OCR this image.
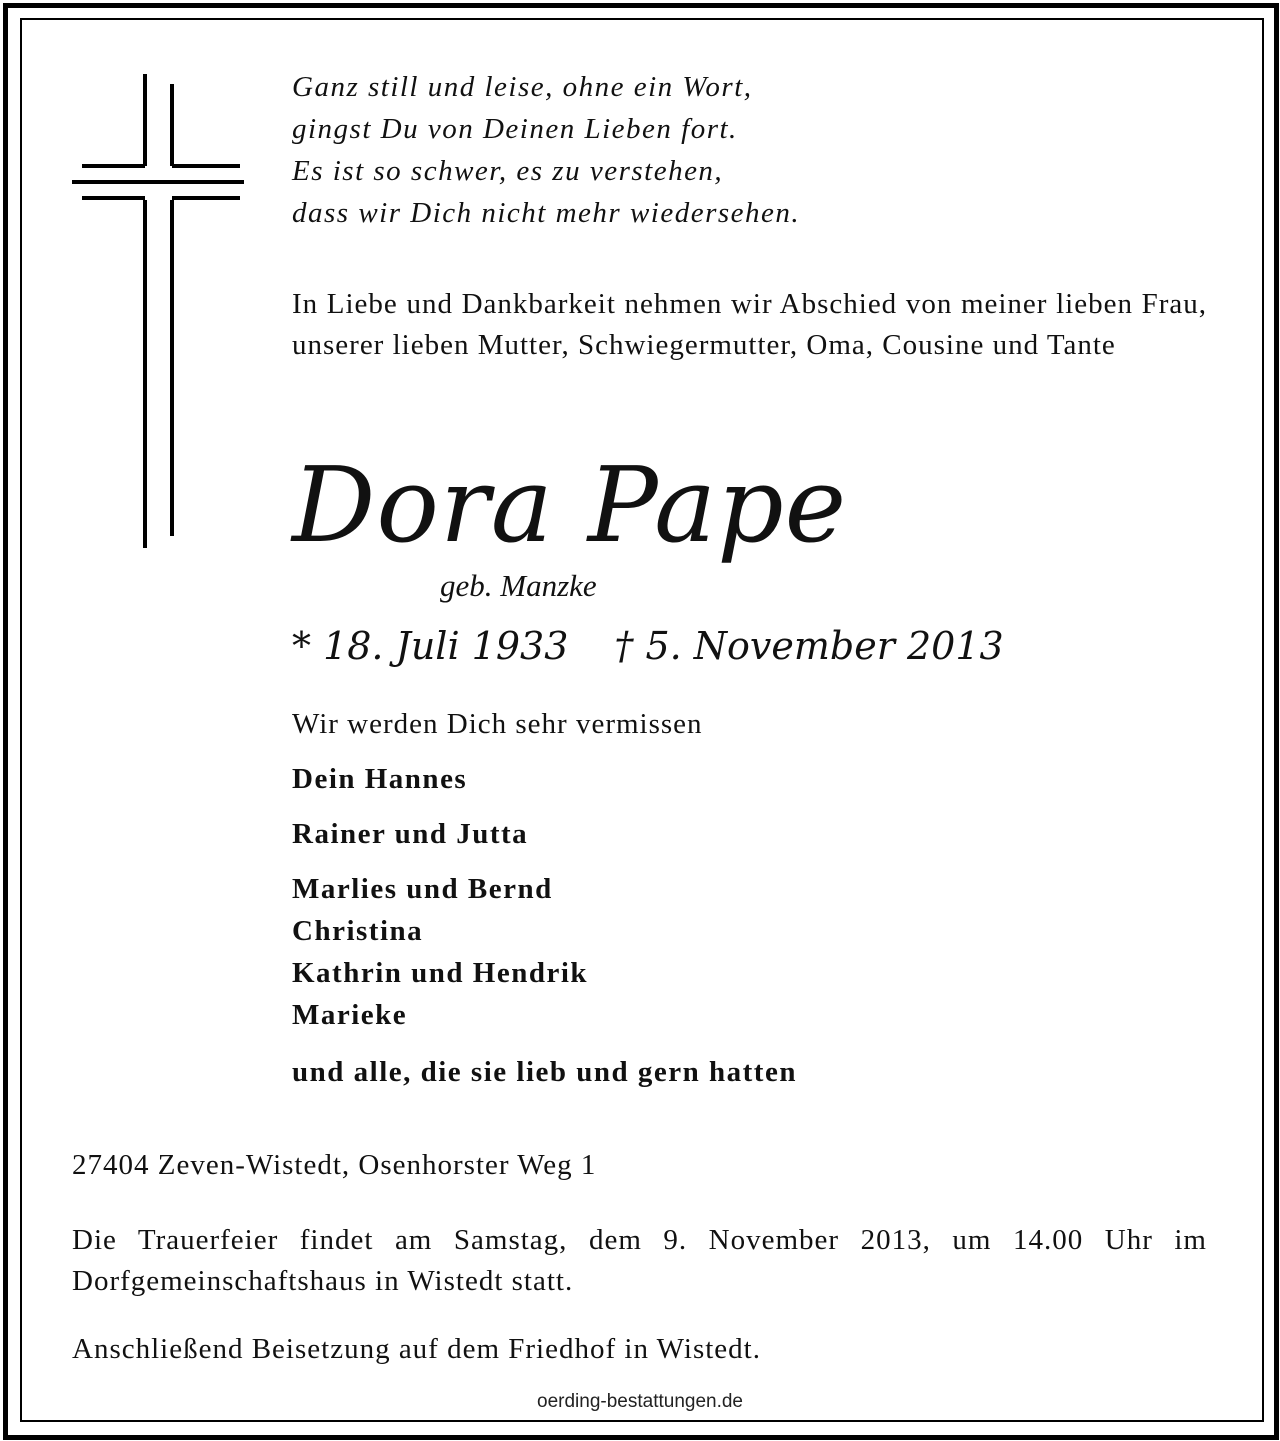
Ganz still und leise, ohne ein Wort,
gingst Du von Deinen Lieben fort.
Es ist so schwer, es zu verstehen,
dass wir Dich nicht mehr wiedersehen.
In Liebe und Dankbarkeit nehmen wir Abschied von meiner lieben Frau, unserer lieben Mutter, Schwiegermutter, Oma, Cousine und Tante
Dora Pape
geb. Manzke
* 18. Juli 1933 † 5. November 2013
Wir werden Dich sehr vermissen
Dein Hannes
Rainer und Jutta
Marlies und Bernd
Christina
Kathrin und Hendrik
Marieke
und alle, die sie lieb und gern hatten
27404 Zeven-Wistedt, Osenhorster Weg 1
Die Trauerfeier findet am Samstag, dem 9. November 2013, um 14.00 Uhr im Dorfgemeinschaftshaus in Wistedt statt.
Anschließend Beisetzung auf dem Friedhof in Wistedt.
oerding-bestattungen.de
